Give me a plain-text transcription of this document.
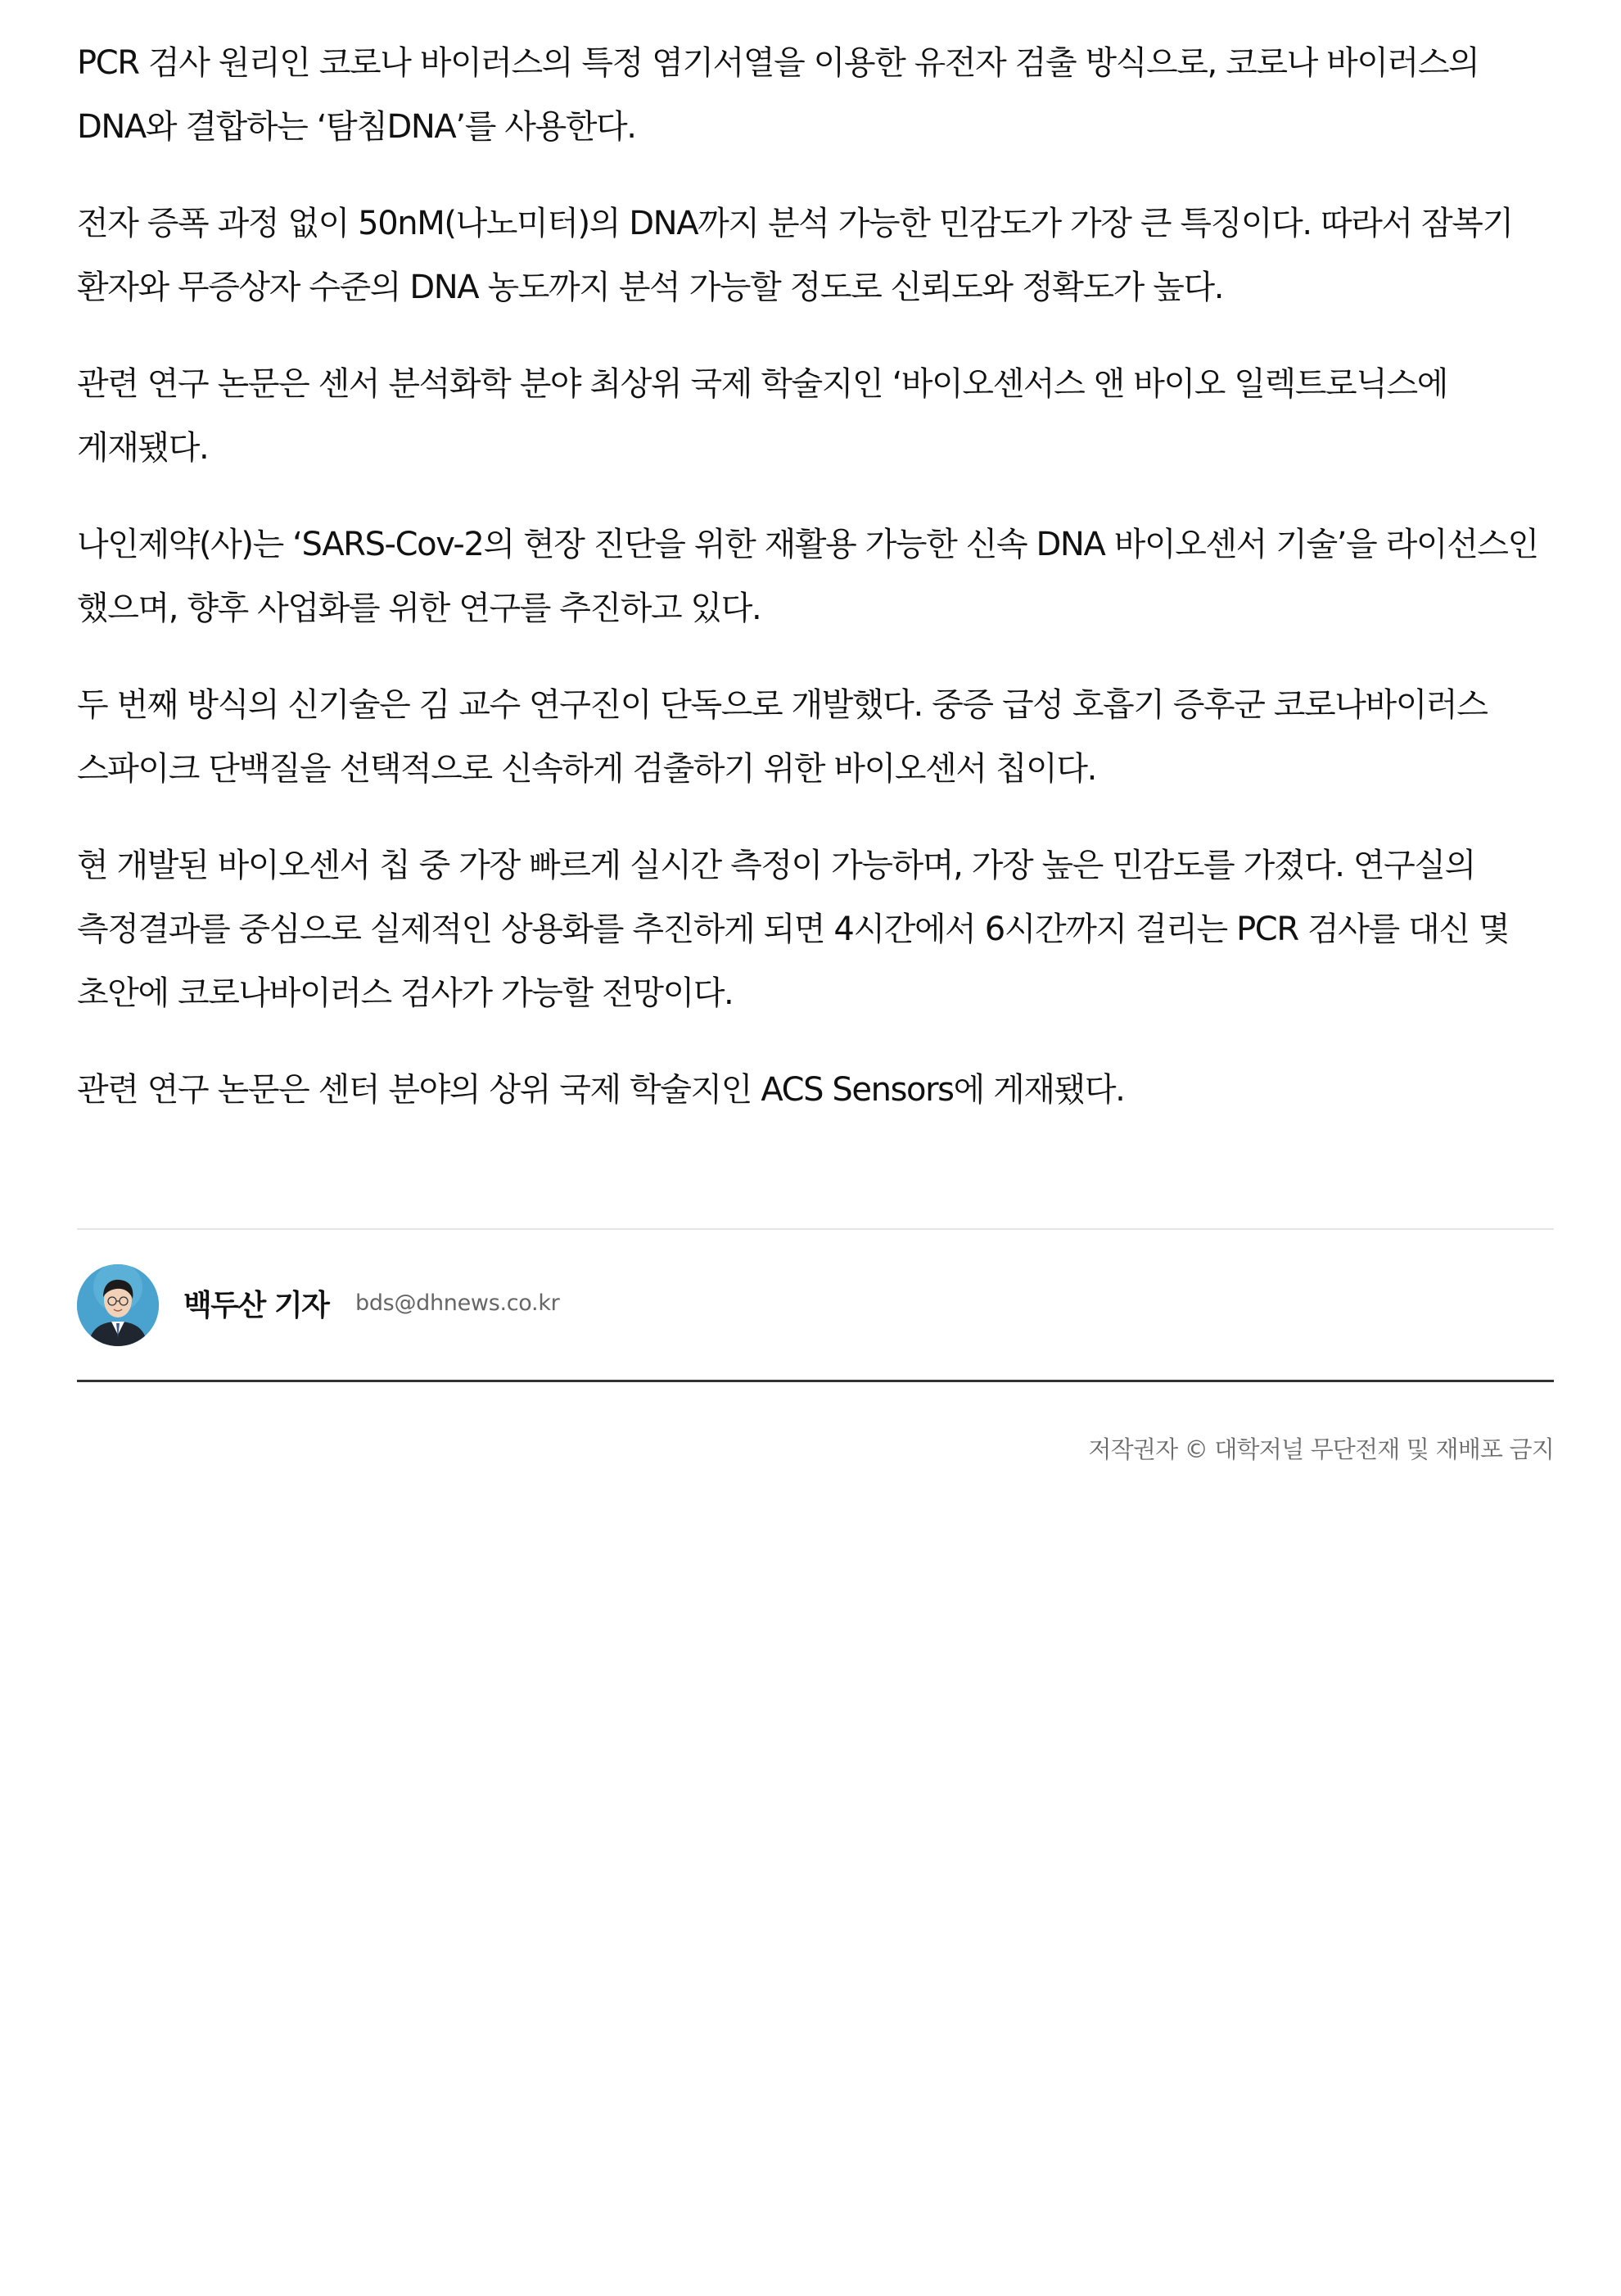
PCR 검사 원리인 코로나 바이러스의 특정 염기서열을 이용한 유전자 검출 방식으로, 코로나 바이러스의 DNA와 결합하는 ‘탐침DNA’를 사용한다.

전자 증폭 과정 없이 50nM(나노미터)의 DNA까지 분석 가능한 민감도가 가장 큰 특징이다. 따라서 잠복기 환자와 무증상자 수준의 DNA 농도까지 분석 가능할 정도로 신뢰도와 정확도가 높다.

관련 연구 논문은 센서 분석화학 분야 최상위 국제 학술지인 ‘바이오센서스 앤 바이오 일렉트로닉스에 게재됐다.

나인제약(사)는 ‘SARS-Cov-2의 현장 진단을 위한 재활용 가능한 신속 DNA 바이오센서 기술’을 라이선스인 했으며, 향후 사업화를 위한 연구를 추진하고 있다.

두 번째 방식의 신기술은 김 교수 연구진이 단독으로 개발했다. 중증 급성 호흡기 증후군 코로나바이러스 스파이크 단백질을 선택적으로 신속하게 검출하기 위한 바이오센서 칩이다.

현 개발된 바이오센서 칩 중 가장 빠르게 실시간 측정이 가능하며, 가장 높은 민감도를 가졌다. 연구실의 측정결과를 중심으로 실제적인 상용화를 추진하게 되면 4시간에서 6시간까지 걸리는 PCR 검사를 대신 몇 초안에 코로나바이러스 검사가 가능할 전망이다.

관련 연구 논문은 센터 분야의 상위 국제 학술지인 ACS Sensors에 게재됐다.

백두산 기자 bds@dhnews.co.kr
저작권자 © 대학저널 무단전재 및 재배포 금지
